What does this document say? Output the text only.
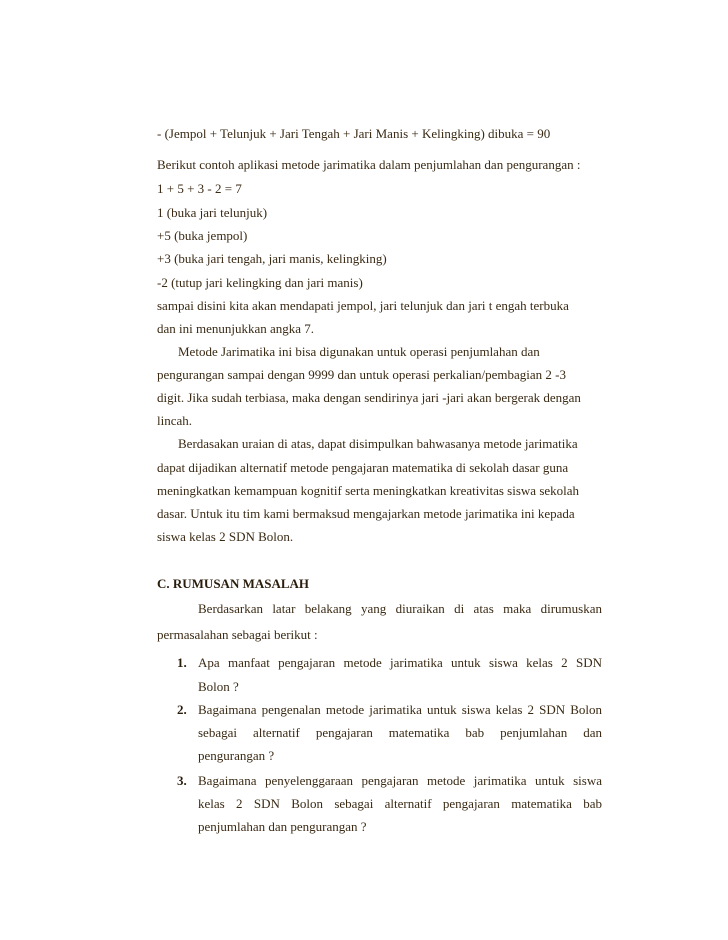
- (Jempol + Telunjuk + Jari Tengah + Jari Manis + Kelingking) dibuka = 90
Berikut contoh aplikasi metode jarimatika dalam penjumlahan dan pengurangan :
1 + 5 + 3 - 2 = 7
1 (buka jari telunjuk)
+5 (buka jempol)
+3 (buka jari tengah, jari manis, kelingking)
-2 (tutup jari kelingking dan jari manis)
sampai disini kita akan mendapati jempol, jari telunjuk dan jari t engah terbuka
dan ini menunjukkan angka 7.
Metode Jarimatika ini bisa digunakan untuk operasi penjumlahan dan
pengurangan sampai dengan 9999 dan untuk operasi perkalian/pembagian 2 -3
digit. Jika sudah terbiasa, maka dengan sendirinya jari -jari akan bergerak dengan
lincah.
Berdasakan uraian di atas, dapat disimpulkan bahwasanya metode jarimatika
dapat dijadikan alternatif metode pengajaran matematika di sekolah dasar guna
meningkatkan kemampuan kognitif serta meningkatkan kreativitas siswa sekolah
dasar. Untuk itu tim kami bermaksud mengajarkan metode jarimatika ini kepada
siswa kelas 2 SDN Bolon.
C. RUMUSAN MASALAH
Berdasarkan latar belakang yang diuraikan di atas maka dirumuskan
permasalahan sebagai berikut :
1. Apa manfaat pengajaran metode jarimatika untuk siswa kelas 2 SDN
Bolon ?
2. Bagaimana pengenalan metode jarimatika untuk siswa kelas 2 SDN Bolon
sebagai alternatif pengajaran matematika bab penjumlahan dan
pengurangan ?
3. Bagaimana penyelenggaraan pengajaran metode jarimatika untuk siswa
kelas 2 SDN Bolon sebagai alternatif pengajaran matematika bab
penjumlahan dan pengurangan ?
